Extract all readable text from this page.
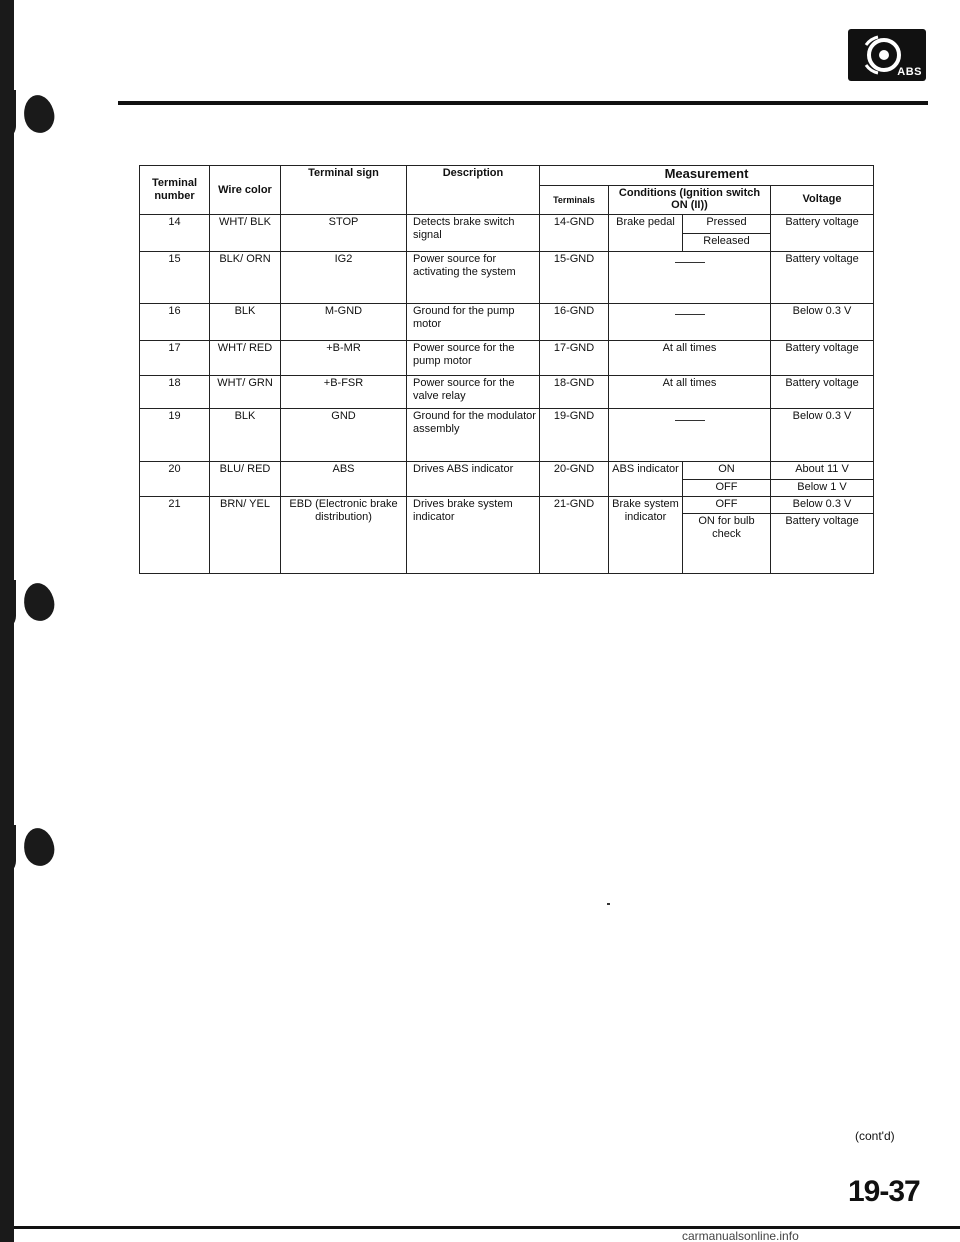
ABS
Terminal number	Wire color	Terminal sign	Description	Measurement			
				Terminals	Conditions (Ignition switch ON (II))		Voltage
14	WHT/ BLK	STOP	Detects brake switch signal	14-GND	Brake pedal	Pressed	Battery voltage
						Released	
15	BLK/ ORN	IG2	Power source for activating the system	15-GND			Battery voltage
16	BLK	M-GND	Ground for the pump motor	16-GND			Below 0.3 V
17	WHT/ RED	+B-MR	Power source for the pump motor	17-GND	At all times		Battery voltage
18	WHT/ GRN	+B-FSR	Power source for the valve relay	18-GND	At all times		Battery voltage
19	BLK	GND	Ground for the modulator assembly	19-GND			Below 0.3 V
20	BLU/ RED	ABS	Drives ABS indicator	20-GND	ABS indicator	ON	About 11 V
						OFF	Below 1 V
21	BRN/ YEL	EBD (Electronic brake distribution)	Drives brake system indicator	21-GND	Brake system indicator	OFF	Below 0.3 V
						ON for bulb check	Battery voltage
(cont'd)
19-37
carmanualsonline.info
